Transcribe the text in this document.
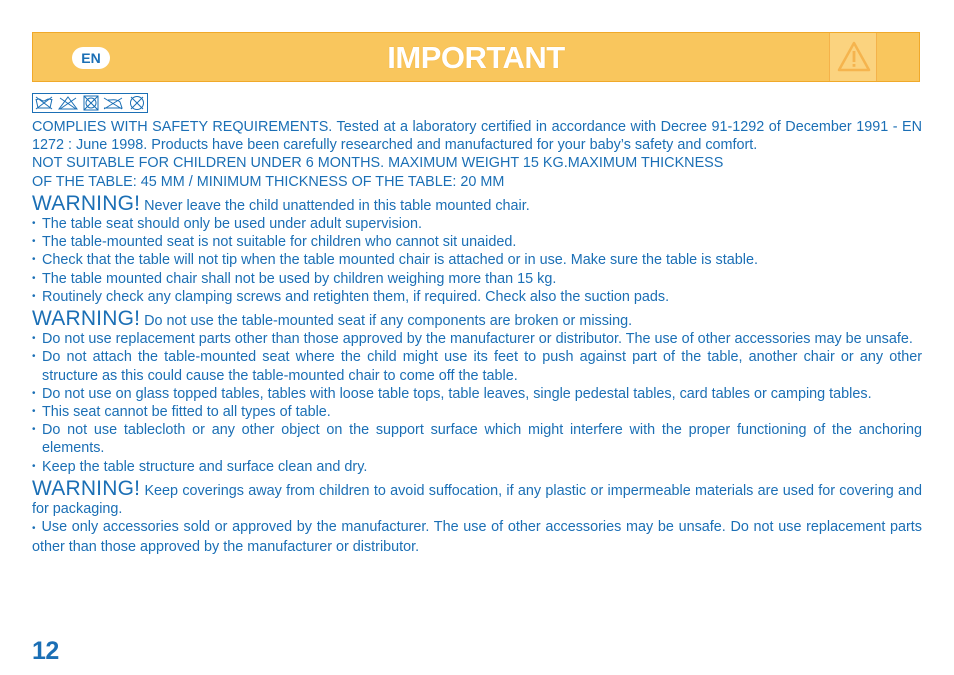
EN	IMPORTANT

COMPLIES WITH SAFETY REQUIREMENTS. Tested at a laboratory certified in accordance with Decree 91-1292 of December 1991 - EN 1272 : June 1998. Products have been carefully researched and manufactured for your baby’s safety and comfort.

NOT SUITABLE FOR CHILDREN UNDER 6 MONTHS. MAXIMUM WEIGHT 15 KG.MAXIMUM THICKNESS

OF THE TABLE: 45 MM / MINIMUM THICKNESS OF THE TABLE: 20 MM

WARNING! Never leave the child unattended in this table mounted chair.

• The table seat should only be used under adult supervision.

• The table-mounted seat is not suitable for children who cannot sit unaided.

• Check that the table will not tip when the table mounted chair is attached or in use. Make sure the table is stable.

• The table mounted chair shall not be used by children weighing more than 15 kg.

• Routinely check any clamping screws and retighten them, if required. Check also the suction pads.

WARNING! Do not use the table-mounted seat if any components are broken or missing.

• Do not use replacement parts other than those approved by the manufacturer or distributor. The use of other accessories may be unsafe.

• Do not attach the table-mounted seat where the child might use its feet to push against part of the table, another chair or any other structure as this could cause the table-mounted chair to come off the table.

• Do not use on glass topped tables, tables with loose table tops, table leaves, single pedestal tables, card tables or camping tables.

• This seat cannot be fitted to all types of table.

• Do not use tablecloth or any other object on the support surface which might interfere with the proper functioning of the anchoring elements.

• Keep the table structure and surface clean and dry.

WARNING! Keep coverings away from children to avoid suffocation, if any plastic or impermeable materials are used for covering and for packaging.

• Use only accessories sold or approved by the manufacturer. The use of other accessories may be unsafe. Do not use replacement parts other than those approved by the manufacturer or distributor.

12
